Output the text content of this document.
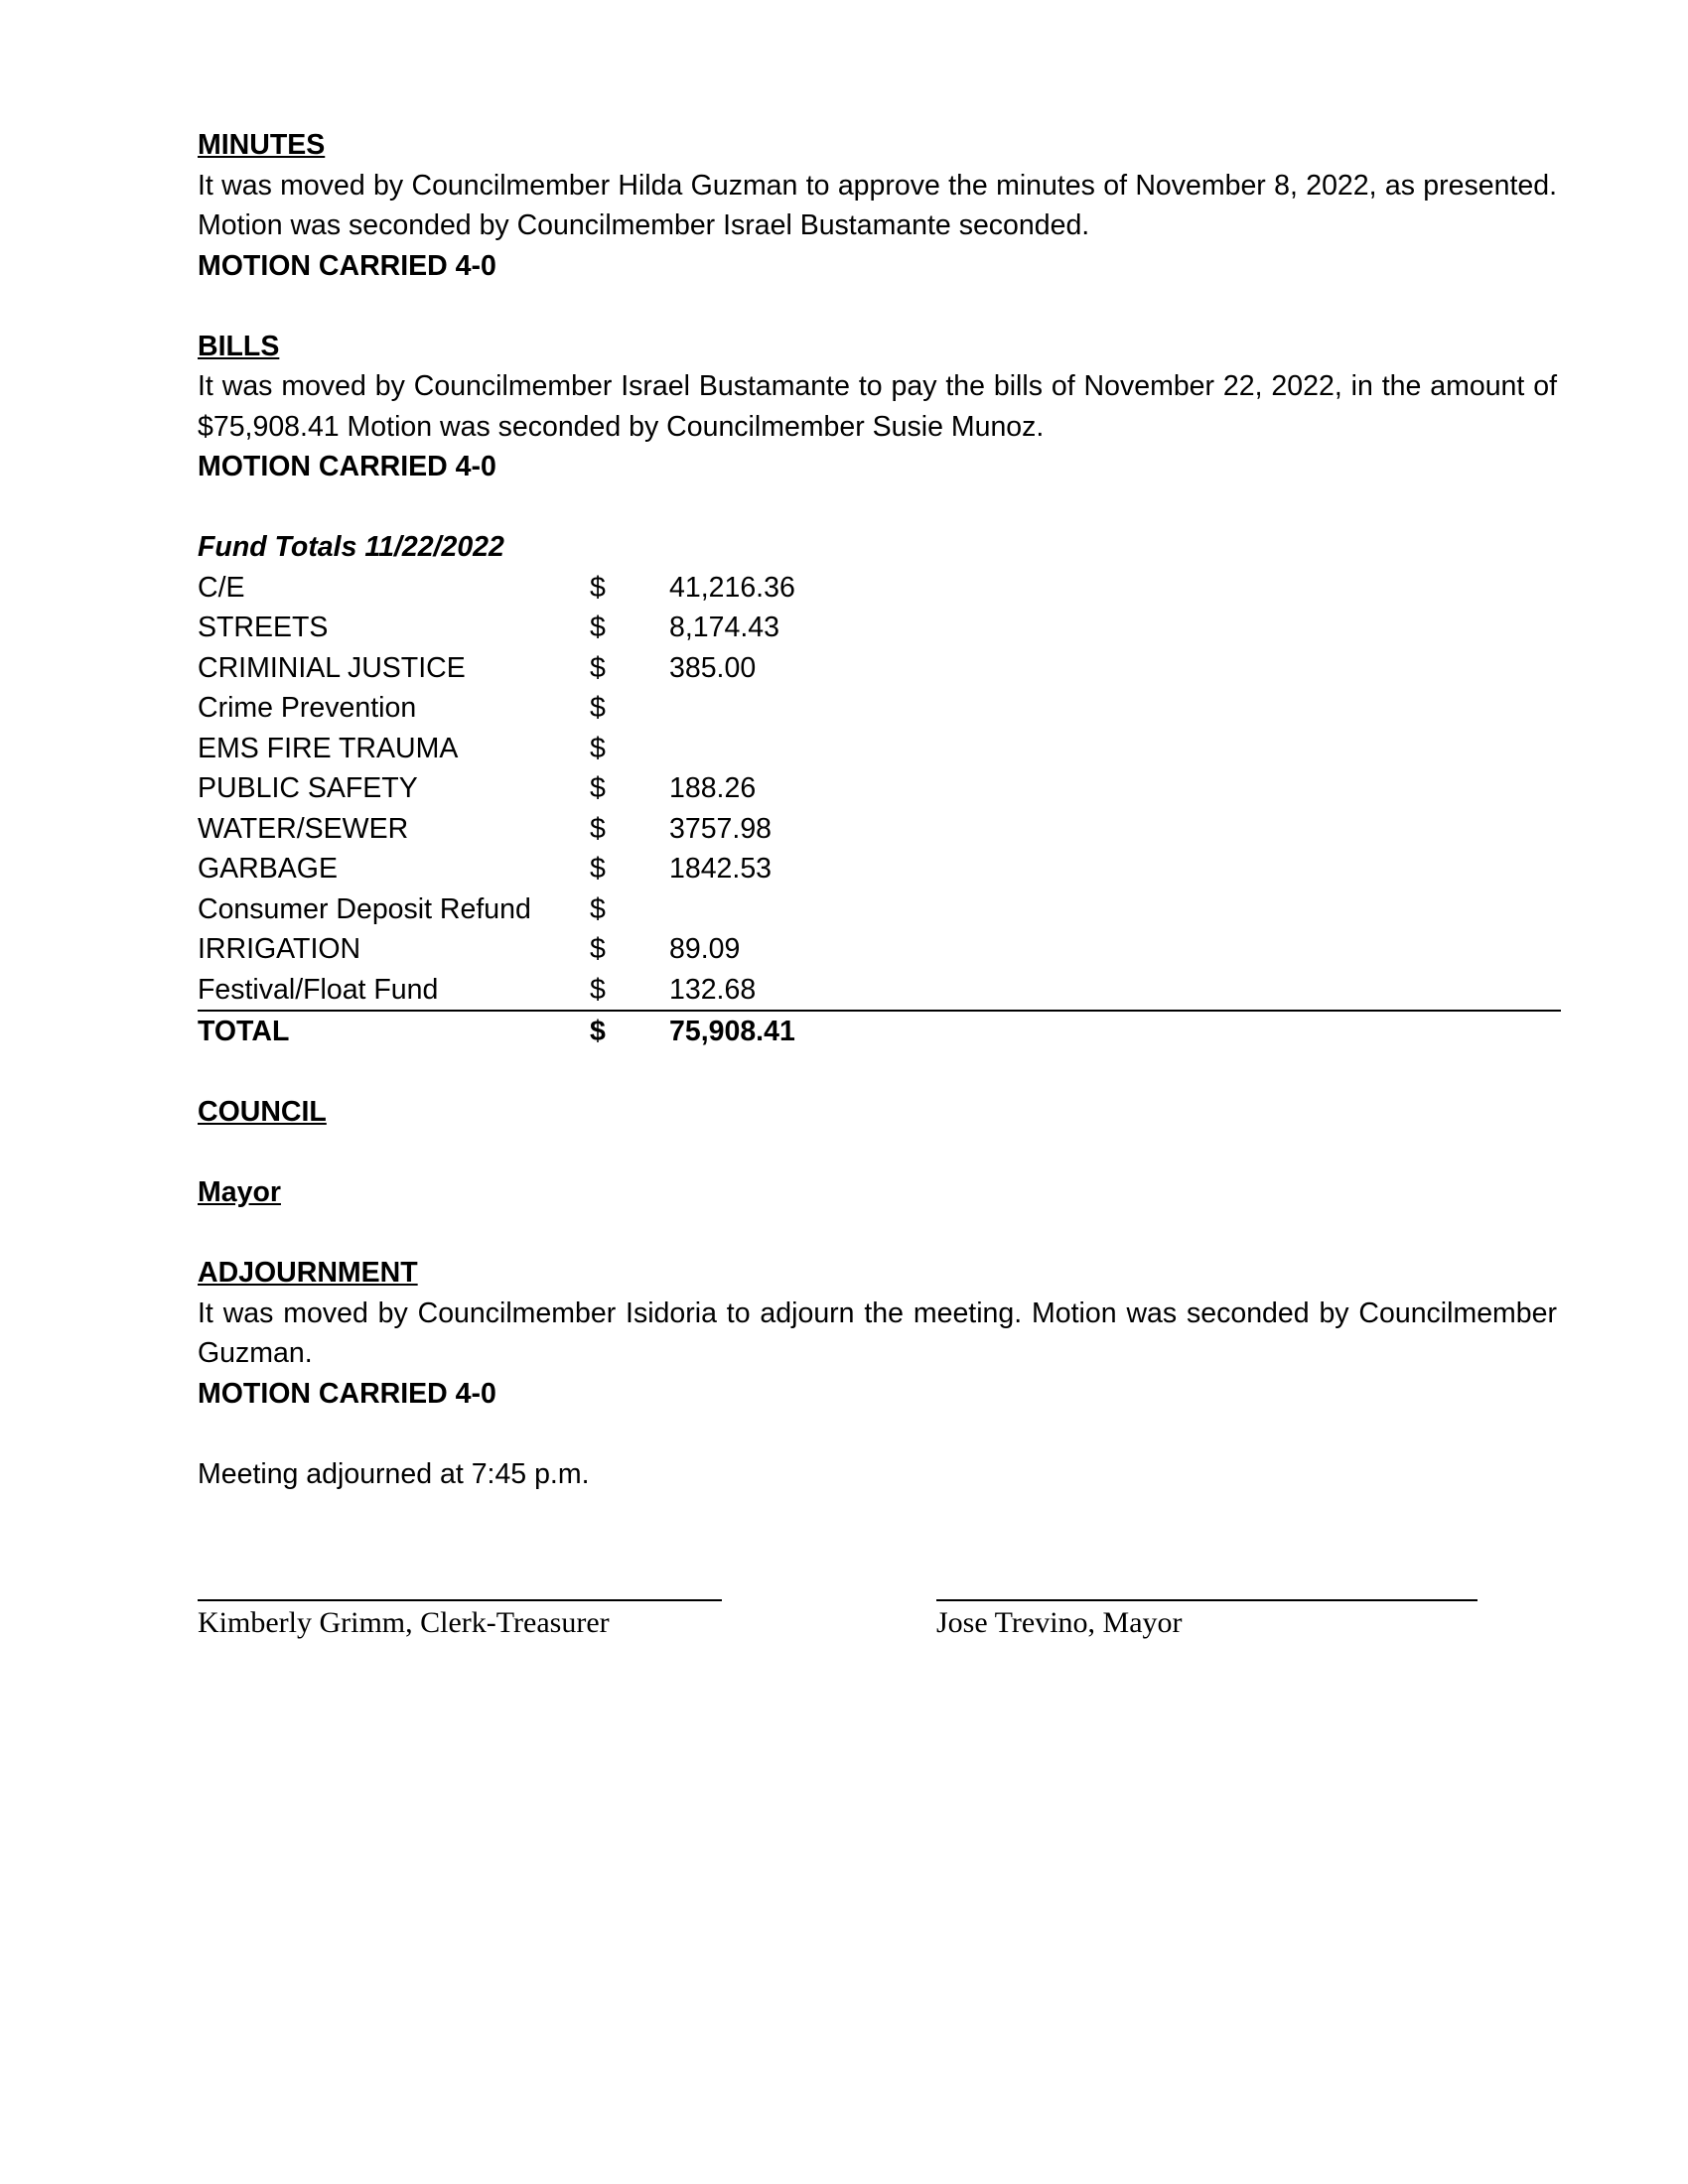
MINUTES
It was moved by Councilmember Hilda Guzman to approve the minutes of November 8, 2022, as presented. Motion was seconded by Councilmember Israel Bustamante seconded.
MOTION CARRIED 4-0
BILLS
It was moved by Councilmember Israel Bustamante to pay the bills of November 22, 2022, in the amount of $75,908.41 Motion was seconded by Councilmember Susie Munoz.
MOTION CARRIED 4-0
Fund Totals 11/22/2022
C/E	$	41,216.36	
STREETS	$	8,174.43	
CRIMINIAL JUSTICE	$	385.00	
Crime Prevention	$		
EMS FIRE TRAUMA	$		
PUBLIC SAFETY	$	188.26	
WATER/SEWER	$	3757.98	
GARBAGE	$	1842.53	
Consumer Deposit Refund	$		
IRRIGATION	$	89.09	
Festival/Float Fund	$	132.68	
TOTAL	$	75,908.41	
COUNCIL
Mayor
ADJOURNMENT
It was moved by Councilmember Isidoria to adjourn the meeting. Motion was seconded by Councilmember Guzman.
MOTION CARRIED 4-0
Meeting adjourned at 7:45 p.m.
Kimberly Grimm, Clerk-Treasurer	Jose Trevino, Mayor
